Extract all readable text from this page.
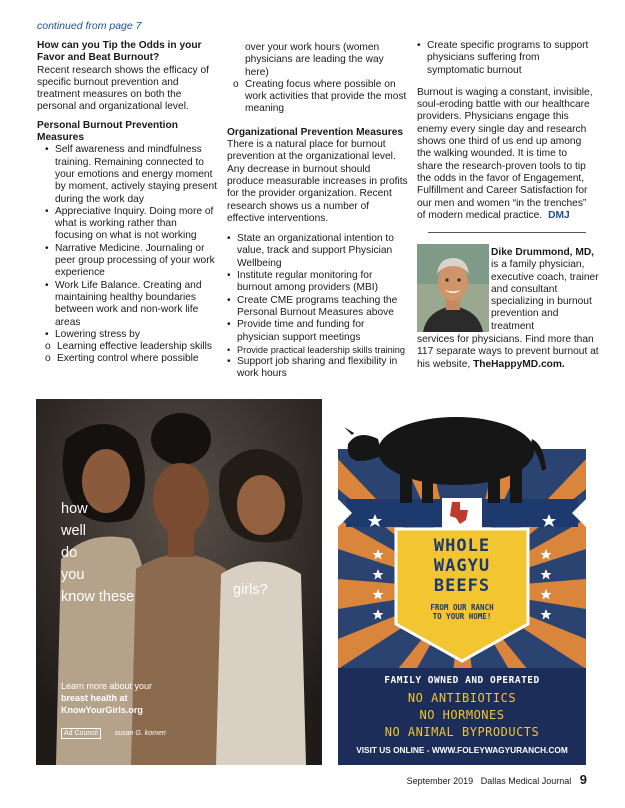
continued from page 7
How can you Tip the Odds in your Favor and Beat Burnout?
Recent research shows the efficacy of specific burnout prevention and treatment measures on both the personal and organizational level.
Personal Burnout Prevention Measures
• Self awareness and mindfulness training. Remaining connected to your emotions and energy moment by moment, actively staying present during the work day
• Appreciative Inquiry. Doing more of what is working rather than focusing on what is not working
• Narrative Medicine. Journaling or peer group processing of your work experience
• Work Life Balance. Creating and maintaining healthy boundaries between work and non-work life areas
• Lowering stress by
o Learning effective leadership skills
o Exerting control where possible
over your work hours (women physicians are leading the way here)
o Creating focus where possible on work activities that provide the most meaning
Organizational Prevention Measures
There is a natural place for burnout prevention at the organizational level. Any decrease in burnout should produce measurable increases in profits for the provider organization. Recent research shows us a number of effective interventions.
• State an organizational intention to value, track and support Physician Wellbeing
• Institute regular monitoring for burnout among providers (MBI)
• Create CME programs teaching the Personal Burnout Measures above
• Provide time and funding for physician support meetings
• Provide practical leadership skills training
• Support job sharing and flexibility in work hours
• Create specific programs to support physicians suffering from symptomatic burnout
Burnout is waging a constant, invisible, soul-eroding battle with our healthcare providers. Physicians engage this enemy every single day and research shows one third of us end up among the walking wounded. It is time to share the research-proven tools to tip the odds in the favor of Engagement, Fulfillment and Career Satisfaction for our men and women “in the trenches” of modern medical practice. DMJ
Dike Drummond, MD, is a family physician, executive coach, trainer and consultant specializing in burnout prevention and treatment
services for physicians. Find more than 117 separate ways to prevent burnout at his website, TheHappyMD.com.
how
well
do
you
know these	girls?
Learn more about your
breast health at
KnowYourGirls.org
Ad Council susan G. komen
WHOLE
WAGYU
BEEFS
FROM OUR RANCH
TO YOUR HOME!
FAMILY OWNED AND OPERATED
NO ANTIBIOTICS
NO HORMONES
NO ANIMAL BYPRODUCTS
VISIT US ONLINE - WWW.FOLEYWAGYURANCH.COM
September 2019 Dallas Medical Journal 9
